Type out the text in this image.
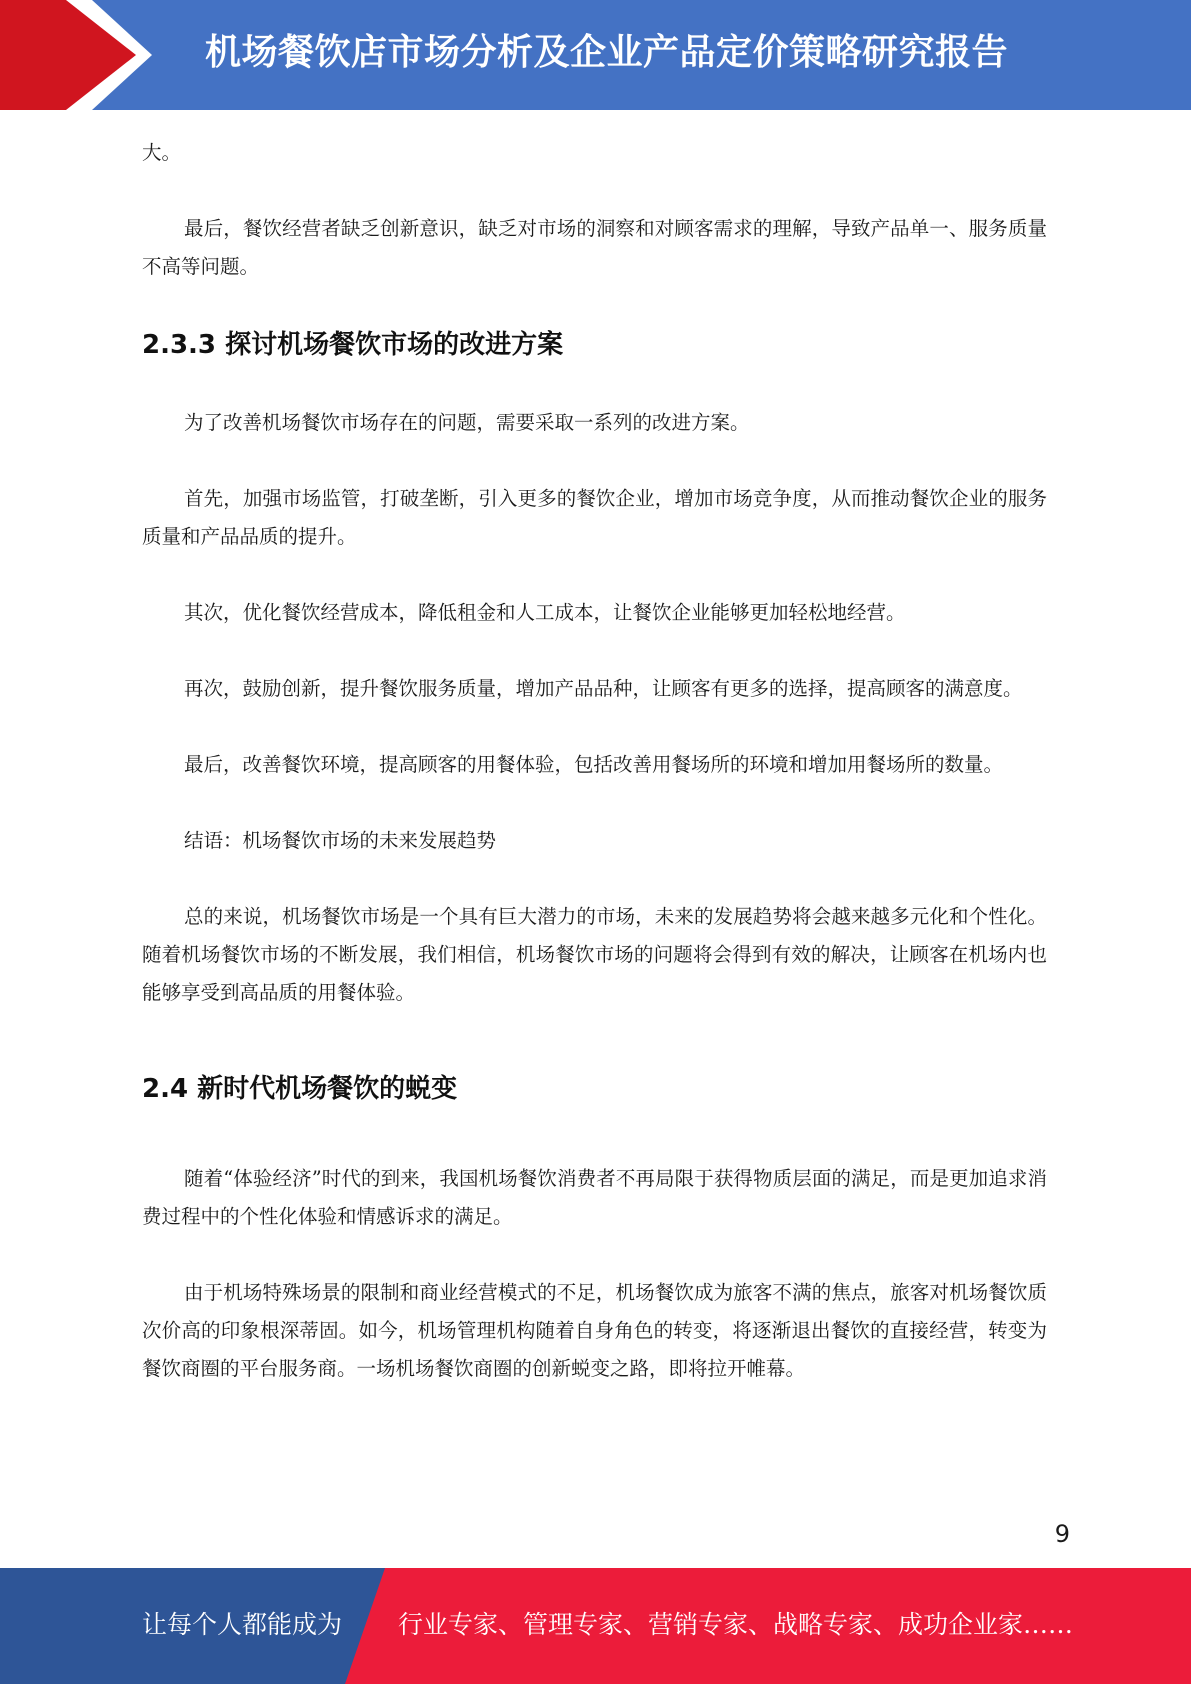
机场餐饮店市场分析及企业产品定价策略研究报告

大。

最后，餐饮经营者缺乏创新意识，缺乏对市场的洞察和对顾客需求的理解，导致产品单一、服务质量不高等问题。

2.3.3 探讨机场餐饮市场的改进方案

为了改善机场餐饮市场存在的问题，需要采取一系列的改进方案。

首先，加强市场监管，打破垄断，引入更多的餐饮企业，增加市场竞争度，从而推动餐饮企业的服务质量和产品品质的提升。

其次，优化餐饮经营成本，降低租金和人工成本，让餐饮企业能够更加轻松地经营。

再次，鼓励创新，提升餐饮服务质量，增加产品品种，让顾客有更多的选择，提高顾客的满意度。

最后，改善餐饮环境，提高顾客的用餐体验，包括改善用餐场所的环境和增加用餐场所的数量。

结语：机场餐饮市场的未来发展趋势

总的来说，机场餐饮市场是一个具有巨大潜力的市场，未来的发展趋势将会越来越多元化和个性化。随着机场餐饮市场的不断发展，我们相信，机场餐饮市场的问题将会得到有效的解决，让顾客在机场内也能够享受到高品质的用餐体验。

2.4 新时代机场餐饮的蜕变

随着“体验经济”时代的到来，我国机场餐饮消费者不再局限于获得物质层面的满足，而是更加追求消费过程中的个性化体验和情感诉求的满足。

由于机场特殊场景的限制和商业经营模式的不足，机场餐饮成为旅客不满的焦点，旅客对机场餐饮质次价高的印象根深蒂固。如今，机场管理机构随着自身角色的转变，将逐渐退出餐饮的直接经营，转变为餐饮商圈的平台服务商。一场机场餐饮商圈的创新蜕变之路，即将拉开帷幕。

9
让每个人都能成为 行业专家、管理专家、营销专家、战略专家、成功企业家……
